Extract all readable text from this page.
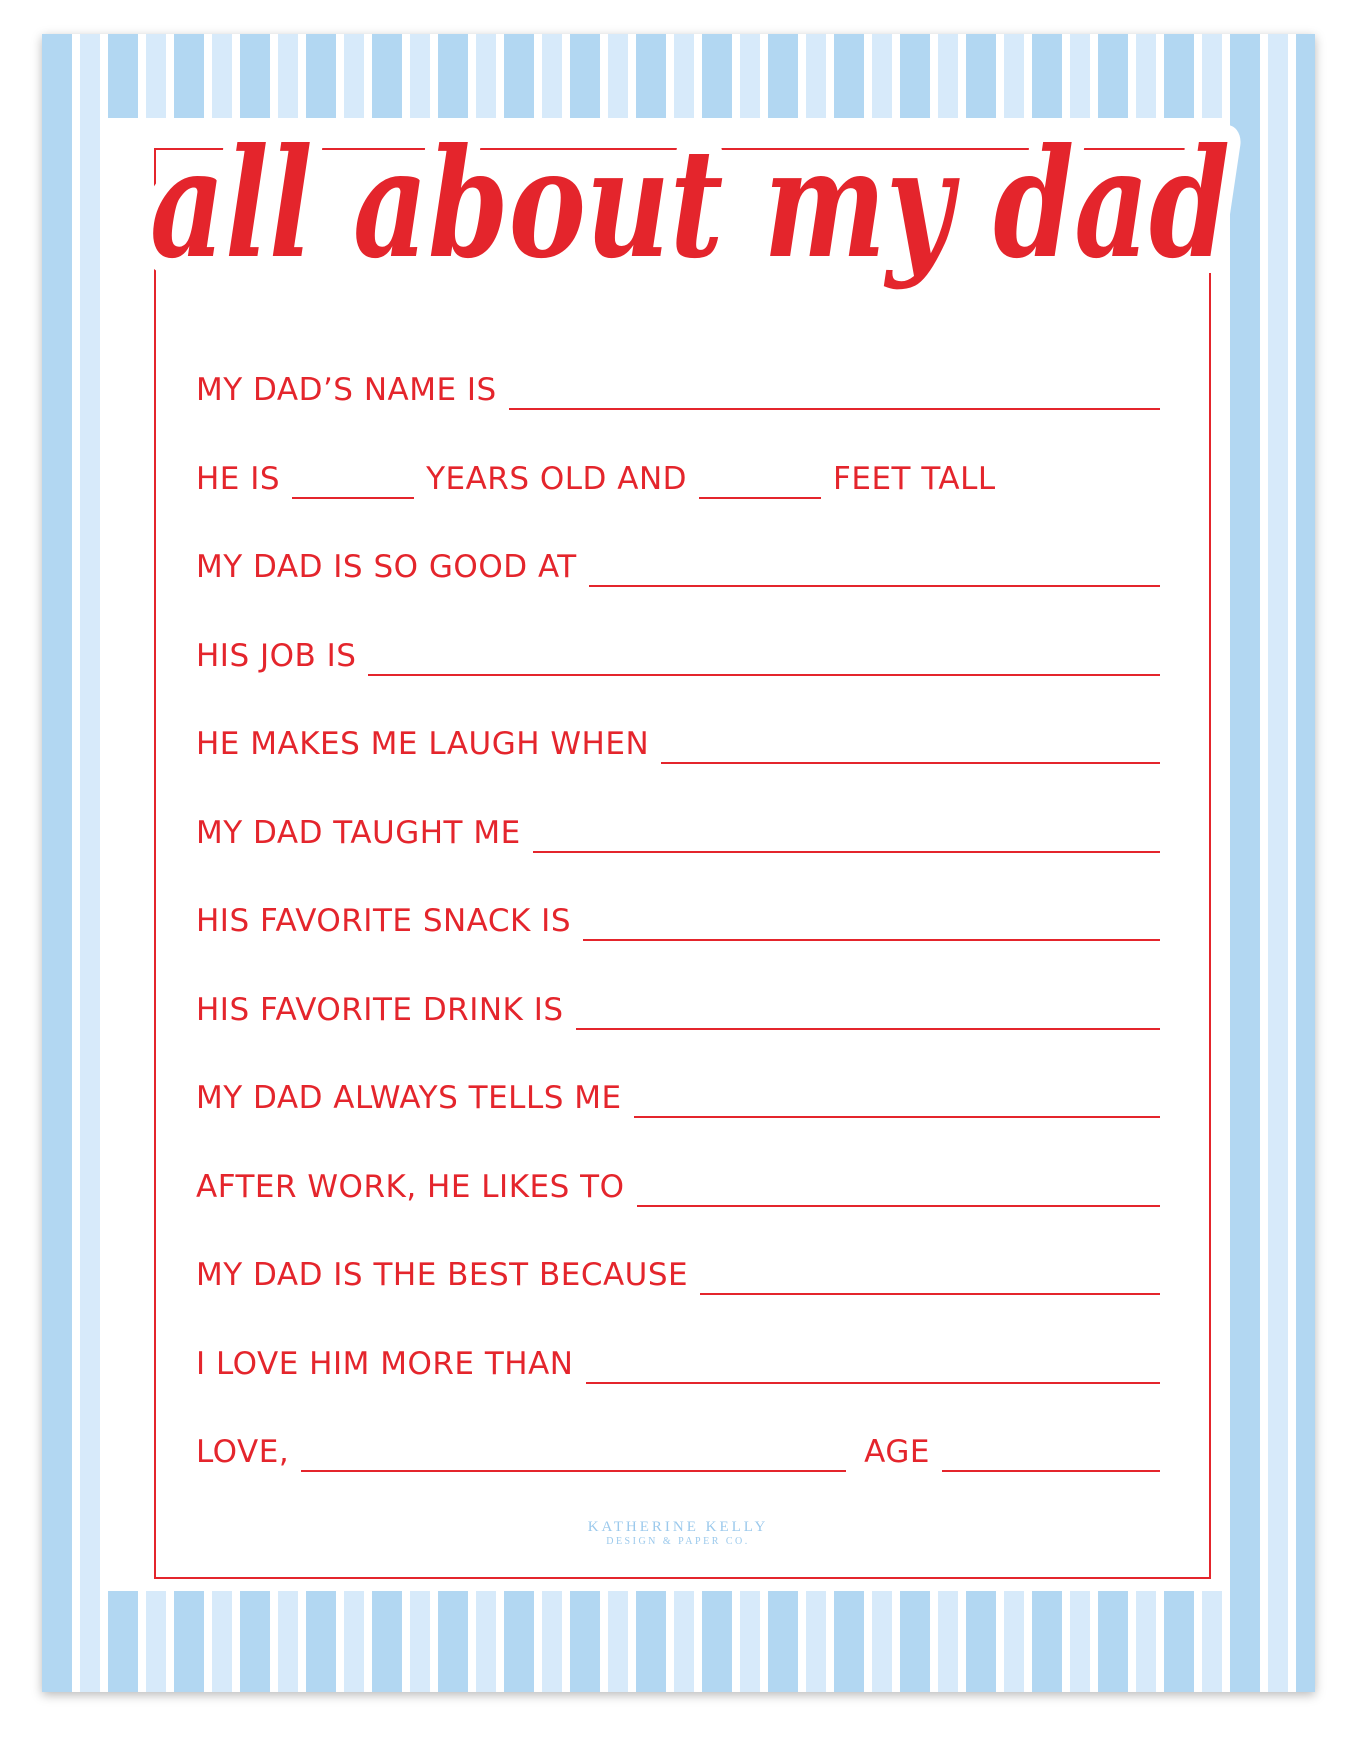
all about my dad
all about my dad
MY DAD’S NAME IS
HE IS	YEARS OLD AND	FEET TALL
MY DAD IS SO GOOD AT
HIS JOB IS
HE MAKES ME LAUGH WHEN
MY DAD TAUGHT ME
HIS FAVORITE SNACK IS
HIS FAVORITE DRINK IS
MY DAD ALWAYS TELLS ME
AFTER WORK, HE LIKES TO
MY DAD IS THE BEST BECAUSE
I LOVE HIM MORE THAN
LOVE,	AGE
KATHERINE KELLY
DESIGN & PAPER CO.
